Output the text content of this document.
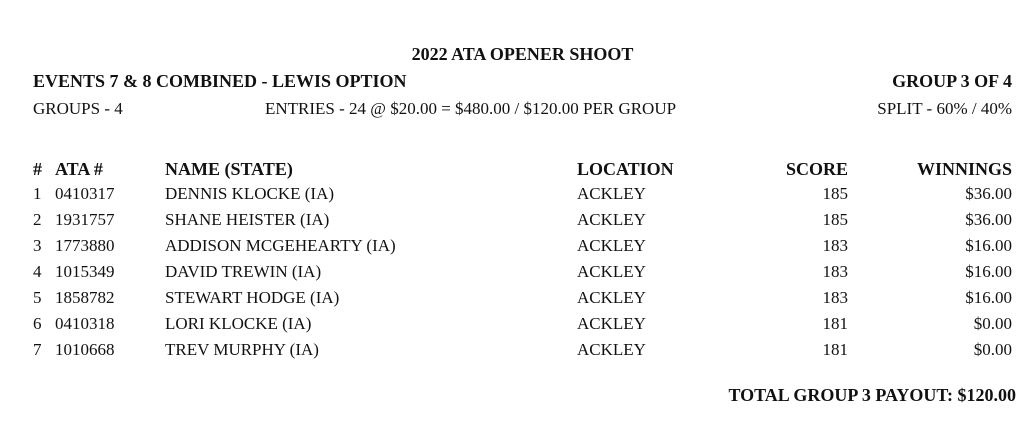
2022 ATA OPENER SHOOT
EVENTS 7 & 8 COMBINED - LEWIS OPTION	GROUP 3 OF 4
GROUPS - 4	ENTRIES - 24 @ $20.00 = $480.00 / $120.00 PER GROUP	SPLIT - 60% / 40%
# ATA #	NAME (STATE)	LOCATION	SCORE	WINNINGS
1 0410317	DENNIS KLOCKE (IA)	ACKLEY	185	$36.00
2 1931757	SHANE HEISTER (IA)	ACKLEY	185	$36.00
3 1773880	ADDISON MCGEHEARTY (IA)	ACKLEY	183	$16.00
4 1015349	DAVID TREWIN (IA)	ACKLEY	183	$16.00
5 1858782	STEWART HODGE (IA)	ACKLEY	183	$16.00
6 0410318	LORI KLOCKE (IA)	ACKLEY	181	$0.00
7 1010668	TREV MURPHY (IA)	ACKLEY	181	$0.00
TOTAL GROUP 3 PAYOUT: $120.00
